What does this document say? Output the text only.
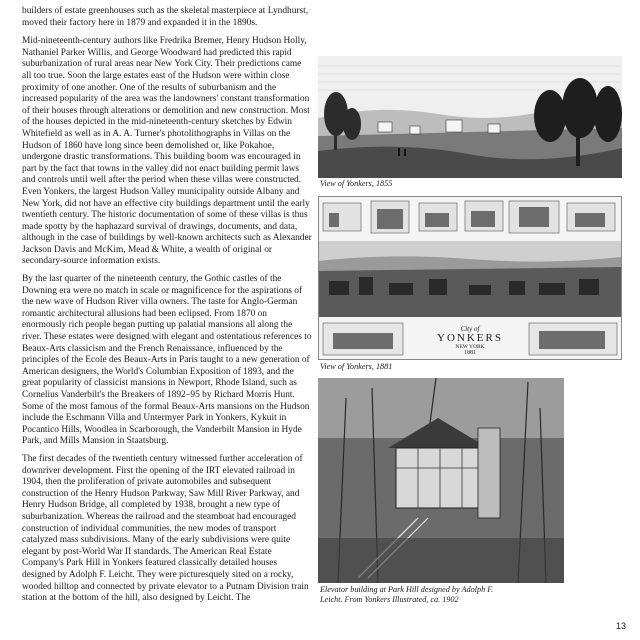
builders of estate greenhouses such as the skeletal masterpiece at Lyndhurst, moved their factory here in 1879 and expanded it in the 1890s.

Mid-nineteenth-century authors like Fredrika Bremer, Henry Hudson Holly, Nathaniel Parker Willis, and George Woodward had predicted this rapid suburbanization of rural areas near New York City. Their predictions came all too true. Soon the large estates east of the Hudson were within close proximity of one another. One of the results of suburbanism and the increased popularity of the area was the landowners' constant transformation of their houses through alterations or demolition and new construction. Most of the houses depicted in the mid-nineteenth-century sketches by Edwin Whitefield as well as in A. A. Turner's photolithographs in Villas on the Hudson of 1860 have long since been demolished or, like Pokahoe, undergone drastic transformations. This building boom was encouraged in part by the fact that towns in the valley did not enact building permit laws and controls until well after the period when these villas were constructed. Even Yonkers, the largest Hudson Valley municipality outside Albany and New York, did not have an effective city buildings department until the early twentieth century. The historic documentation of some of these villas is thus made spotty by the haphazard survival of drawings, documents, and data, although in the case of buildings by well-known architects such as Alexander Jackson Davis and McKim, Mead & White, a wealth of original or secondary-source information exists.

By the last quarter of the nineteenth century, the Gothic castles of the Downing era were no match in scale or magnificence for the aspirations of the new wave of Hudson River villa owners. The taste for Anglo-German romantic architectural allusions had been eclipsed. From 1870 on enormously rich people began putting up palatial mansions all along the river. These estates were designed with elegant and ostentatious references to Beaux-Arts classicism and the French Renaissance, influenced by the principles of the Ecole des Beaux-Arts in Paris taught to a new generation of American designers, the World's Columbian Exposition of 1893, and the great popularity of classicist mansions in Newport, Rhode Island, such as Cornelius Vanderbilt's the Breakers of 1892–95 by Richard Morris Hunt. Some of the most famous of the formal Beaux-Arts mansions on the Hudson include the Eschmann Villa and Untermyer Park in Yonkers, Kykuit in Pocantico Hills, Woodlea in Scarborough, the Vanderbilt Mansion in Hyde Park, and Mills Mansion in Staatsburg.

The first decades of the twentieth century witnessed further acceleration of downriver development. First the opening of the IRT elevated railroad in 1904, then the proliferation of private automobiles and subsequent construction of the Henry Hudson Parkway, Saw Mill River Parkway, and Henry Hudson Bridge, all completed by 1938, brought a new type of suburbanization. Whereas the railroad and the steamboat had encouraged construction of individual communities, the new modes of transport catalyzed mass subdivisions. Many of the early subdivisions were quite elegant by post-World War II standards. The American Real Estate Company's Park Hill in Yonkers featured classically detailed houses designed by Adolph F. Leicht. They were picturesquely sited on a rocky, wooded hilltop and connected by private elevator to a Putnam Division train station at the bottom of the hill, also designed by Leicht. The

View of Yonkers, 1855
City of
YONKERS
NEW YORK
1881
View of Yonkers, 1881
Elevator building at Park Hill designed by Adolph F. Leicht. From Yonkers Illustrated, ca. 1902
13
